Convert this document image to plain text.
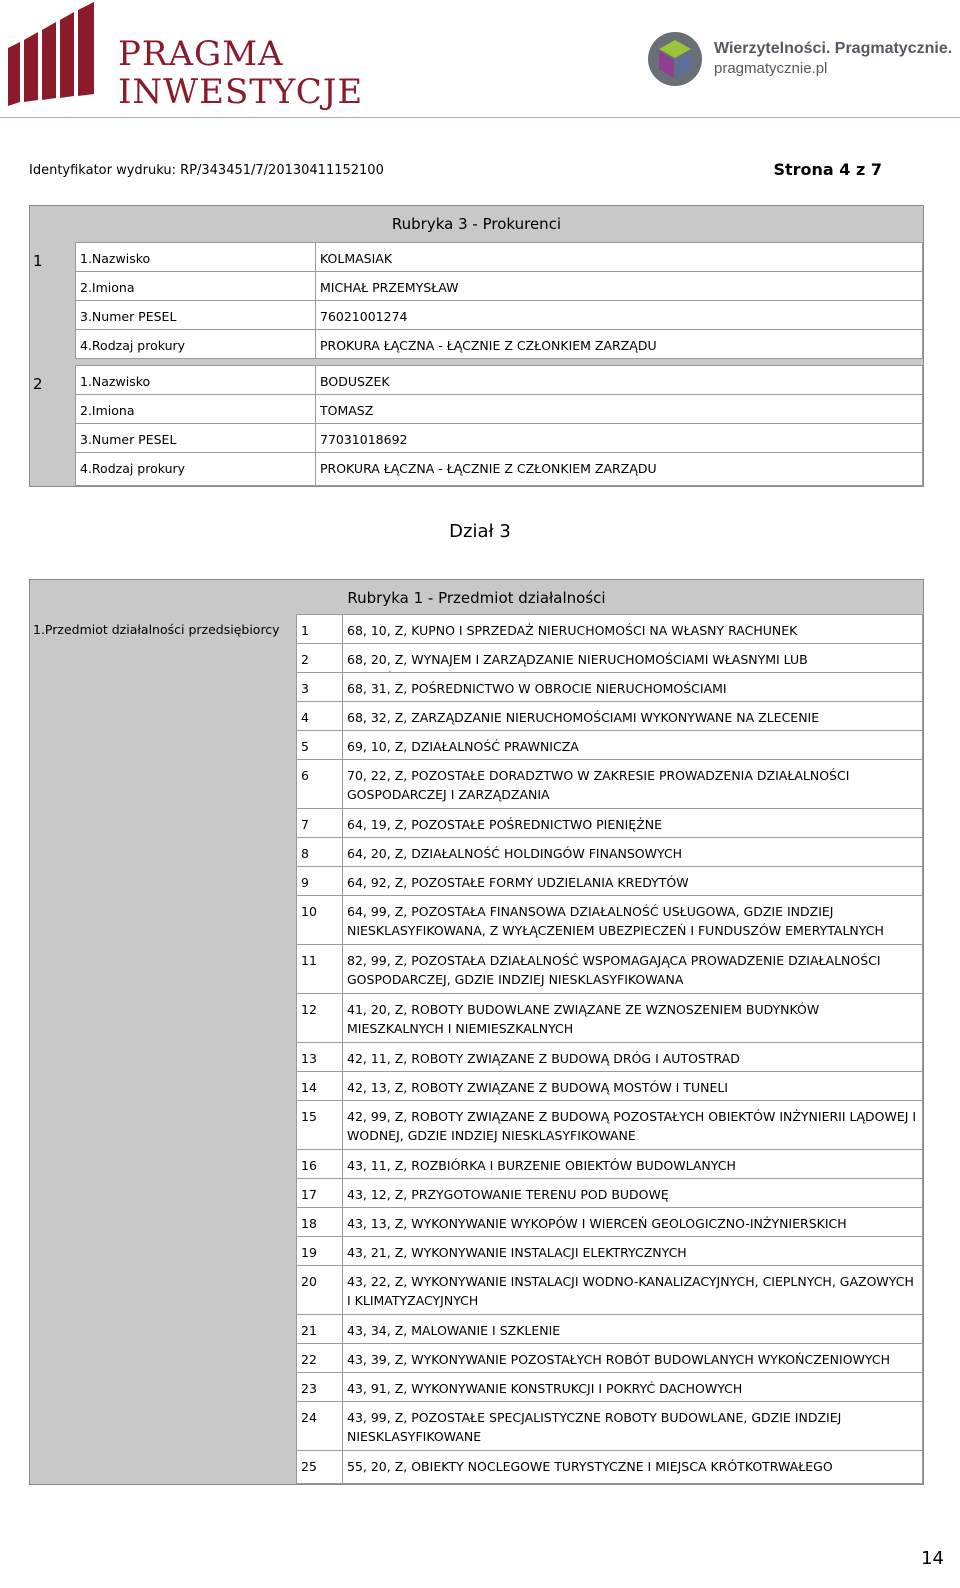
PRAGMA
INWESTYCJE
Wierzytelności. Pragmatycznie.
pragmatycznie.pl
Identyfikator wydruku: RP/343451/7/20130411152100	Strona 4 z 7
Rubryka 3 - Prokurenci
1	1.Nazwisko	KOLMASIAK
2.Imiona	MICHAŁ PRZEMYSŁAW
3.Numer PESEL	76021001274
4.Rodzaj prokury	PROKURA ŁĄCZNA - ŁĄCZNIE Z CZŁONKIEM ZARZĄDU
2	1.Nazwisko	BODUSZEK
2.Imiona	TOMASZ
3.Numer PESEL	77031018692
4.Rodzaj prokury	PROKURA ŁĄCZNA - ŁĄCZNIE Z CZŁONKIEM ZARZĄDU
Dział 3
Rubryka 1 - Przedmiot działalności
1.Przedmiot działalności przedsiębiorcy	1	68, 10, Z, KUPNO I SPRZEDAŻ NIERUCHOMOŚCI NA WŁASNY RACHUNEK
2	68, 20, Z, WYNAJEM I ZARZĄDZANIE NIERUCHOMOŚCIAMI WŁASNYMI LUB
3	68, 31, Z, POŚREDNICTWO W OBROCIE NIERUCHOMOŚCIAMI
4	68, 32, Z, ZARZĄDZANIE NIERUCHOMOŚCIAMI WYKONYWANE NA ZLECENIE
5	69, 10, Z, DZIAŁALNOŚĆ PRAWNICZA
6	70, 22, Z, POZOSTAŁE DORADZTWO W ZAKRESIE PROWADZENIA DZIAŁALNOŚCI GOSPODARCZEJ I ZARZĄDZANIA
7	64, 19, Z, POZOSTAŁE POŚREDNICTWO PIENIĘŻNE
8	64, 20, Z, DZIAŁALNOŚĆ HOLDINGÓW FINANSOWYCH
9	64, 92, Z, POZOSTAŁE FORMY UDZIELANIA KREDYTÓW
10	64, 99, Z, POZOSTAŁA FINANSOWA DZIAŁALNOŚĆ USŁUGOWA, GDZIE INDZIEJ NIESKLASYFIKOWANA, Z WYŁĄCZENIEM UBEZPIECZEŃ I FUNDUSZÓW EMERYTALNYCH
11	82, 99, Z, POZOSTAŁA DZIAŁALNOŚĆ WSPOMAGAJĄCA PROWADZENIE DZIAŁALNOŚCI GOSPODARCZEJ, GDZIE INDZIEJ NIESKLASYFIKOWANA
12	41, 20, Z, ROBOTY BUDOWLANE ZWIĄZANE ZE WZNOSZENIEM BUDYNKÓW MIESZKALNYCH I NIEMIESZKALNYCH
13	42, 11, Z, ROBOTY ZWIĄZANE Z BUDOWĄ DRÓG I AUTOSTRAD
14	42, 13, Z, ROBOTY ZWIĄZANE Z BUDOWĄ MOSTÓW I TUNELI
15	42, 99, Z, ROBOTY ZWIĄZANE Z BUDOWĄ POZOSTAŁYCH OBIEKTÓW INŻYNIERII LĄDOWEJ I WODNEJ, GDZIE INDZIEJ NIESKLASYFIKOWANE
16	43, 11, Z, ROZBIÓRKA I BURZENIE OBIEKTÓW BUDOWLANYCH
17	43, 12, Z, PRZYGOTOWANIE TERENU POD BUDOWĘ
18	43, 13, Z, WYKONYWANIE WYKOPÓW I WIERCEŃ GEOLOGICZNO-INŻYNIERSKICH
19	43, 21, Z, WYKONYWANIE INSTALACJI ELEKTRYCZNYCH
20	43, 22, Z, WYKONYWANIE INSTALACJI WODNO-KANALIZACYJNYCH, CIEPLNYCH, GAZOWYCH I KLIMATYZACYJNYCH
21	43, 34, Z, MALOWANIE I SZKLENIE
22	43, 39, Z, WYKONYWANIE POZOSTAŁYCH ROBÓT BUDOWLANYCH WYKOŃCZENIOWYCH
23	43, 91, Z, WYKONYWANIE KONSTRUKCJI I POKRYĆ DACHOWYCH
24	43, 99, Z, POZOSTAŁE SPECJALISTYCZNE ROBOTY BUDOWLANE, GDZIE INDZIEJ NIESKLASYFIKOWANE
25	55, 20, Z, OBIEKTY NOCLEGOWE TURYSTYCZNE I MIEJSCA KRÓTKOTRWAŁEGO
14
